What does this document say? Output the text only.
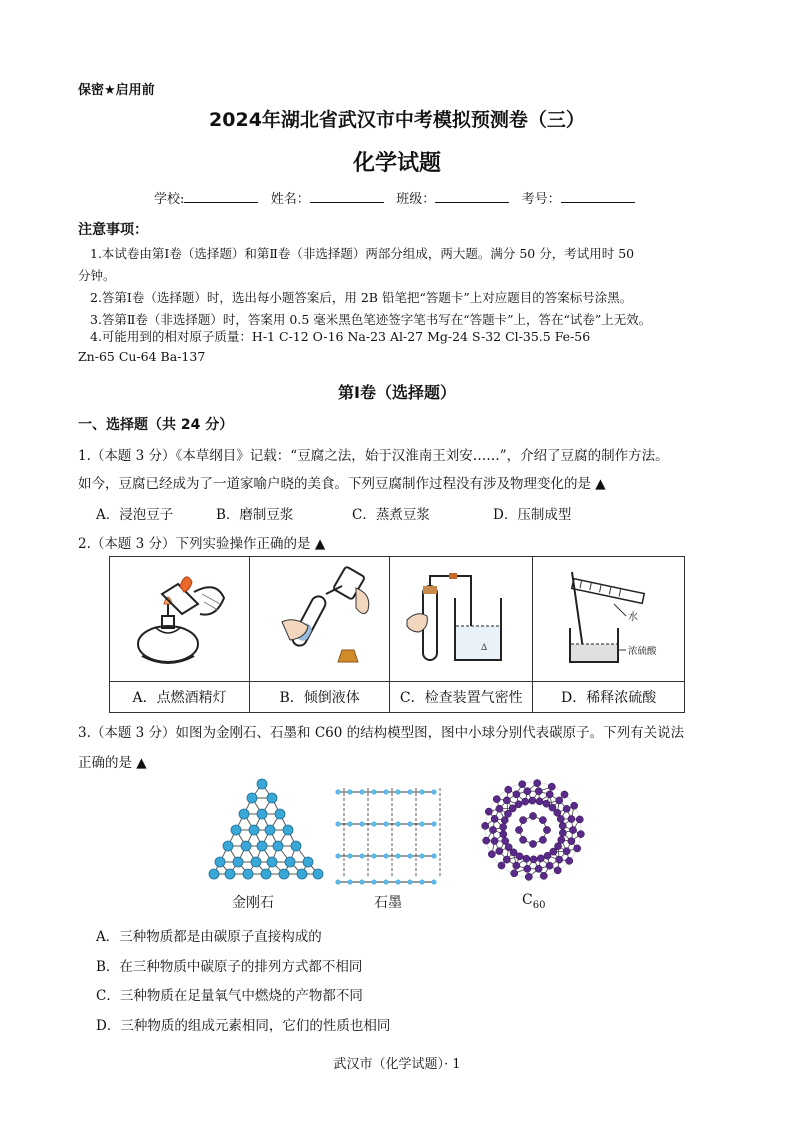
保密★启用前
2024年湖北省武汉市中考模拟预测卷（三）
化学试题
学校:	姓名：	班级：	考号：
注意事项：
1.本试卷由第Ⅰ卷（选择题）和第Ⅱ卷（非选择题）两部分组成，两大题。满分 50 分，考试用时 50
分钟。
2.答第Ⅰ卷（选择题）时，选出每小题答案后，用 2B 铅笔把“答题卡”上对应题目的答案标号涂黑。
3.答第Ⅱ卷（非选择题）时，答案用 0.5 毫米黑色笔迹签字笔书写在“答题卡”上，答在“试卷”上无效。
4.可能用到的相对原子质量：H-1 C-12 O-16 Na-23 Al-27 Mg-24 S-32 Cl-35.5 Fe-56
Zn-65 Cu-64 Ba-137
第Ⅰ卷（选择题）
一、选择题（共 24 分）
1.（本题 3 分）《本草纲目》记载：“豆腐之法，始于汉淮南王刘安……”，介绍了豆腐的制作方法。
如今，豆腐已经成为了一道家喻户晓的美食。下列豆腐制作过程没有涉及物理变化的是 ▲
A．浸泡豆子	B．磨制豆浆	C．蒸煮豆浆	D．压制成型
2.（本题 3 分）下列实验操作正确的是 ▲

∆	水
浓硫酸

A．点燃酒精灯	B．倾倒液体	C．检查装置气密性	D．稀释浓硫酸
3.（本题 3 分）如图为金刚石、石墨和 C60 的结构模型图，图中小球分别代表碳原子。下列有关说法
正确的是 ▲
金刚石	石墨	$C_{60}$
A．三种物质都是由碳原子直接构成的
B．在三种物质中碳原子的排列方式都不相同
C．三种物质在足量氧气中燃烧的产物都不同
D．三种物质的组成元素相同，它们的性质也相同
武汉市（化学试题）· 1
